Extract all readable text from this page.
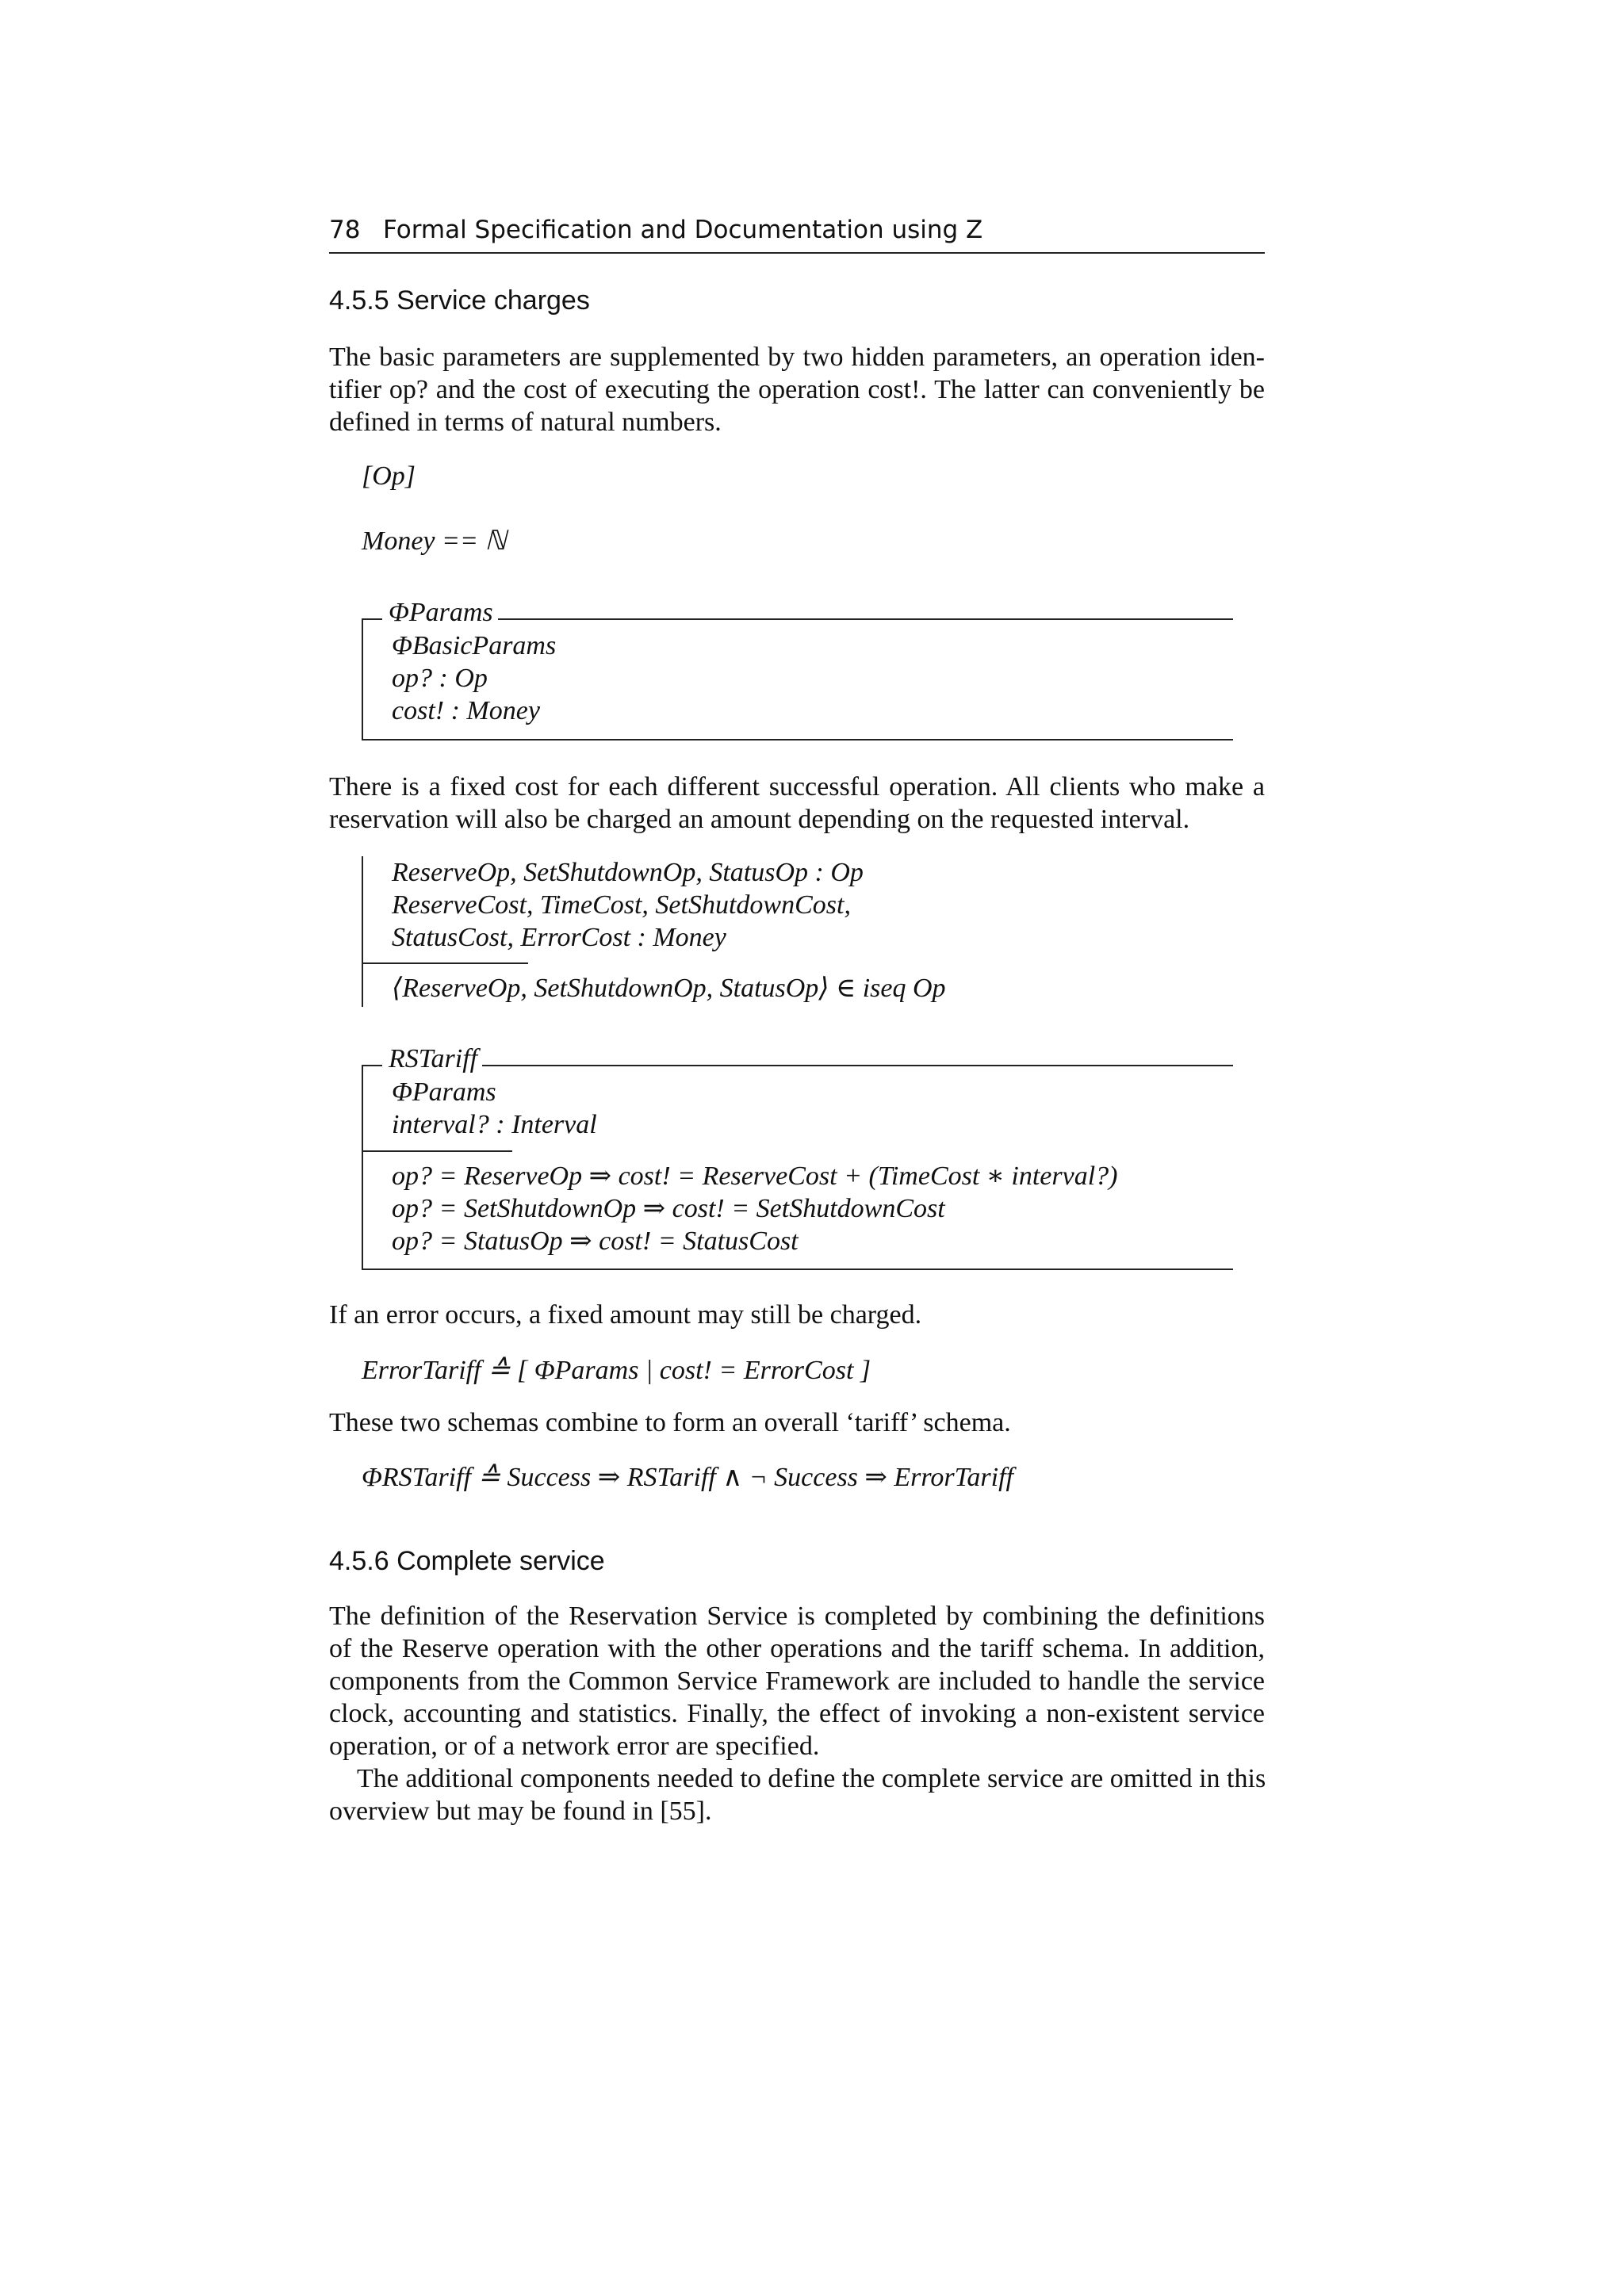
78 Formal Specification and Documentation using Z
4.5.5 Service charges
The basic parameters are supplemented by two hidden parameters, an operation iden-
tifier op? and the cost of executing the operation cost!. The latter can conveniently be
defined in terms of natural numbers.
[Op]
Money == ℕ
ΦParams
ΦBasicParams
op? : Op
cost! : Money
There is a fixed cost for each different successful operation. All clients who make a
reservation will also be charged an amount depending on the requested interval.
ReserveOp, SetShutdownOp, StatusOp : Op
ReserveCost, TimeCost, SetShutdownCost,
StatusCost, ErrorCost : Money
⟨ReserveOp, SetShutdownOp, StatusOp⟩ ∈ iseq Op
RSTariff
ΦParams
interval? : Interval
op? = ReserveOp ⇒ cost! = ReserveCost + (TimeCost ∗ interval?)
op? = SetShutdownOp ⇒ cost! = SetShutdownCost
op? = StatusOp ⇒ cost! = StatusCost
If an error occurs, a fixed amount may still be charged.
ErrorTariff ≙ [ ΦParams | cost! = ErrorCost ]
These two schemas combine to form an overall ‘tariff’ schema.
ΦRSTariff ≙ Success ⇒ RSTariff ∧ ¬ Success ⇒ ErrorTariff
4.5.6 Complete service
The definition of the Reservation Service is completed by combining the definitions
of the Reserve operation with the other operations and the tariff schema. In addition,
components from the Common Service Framework are included to handle the service
clock, accounting and statistics. Finally, the effect of invoking a non-existent service
operation, or of a network error are specified.
The additional components needed to define the complete service are omitted in this
overview but may be found in [55].
